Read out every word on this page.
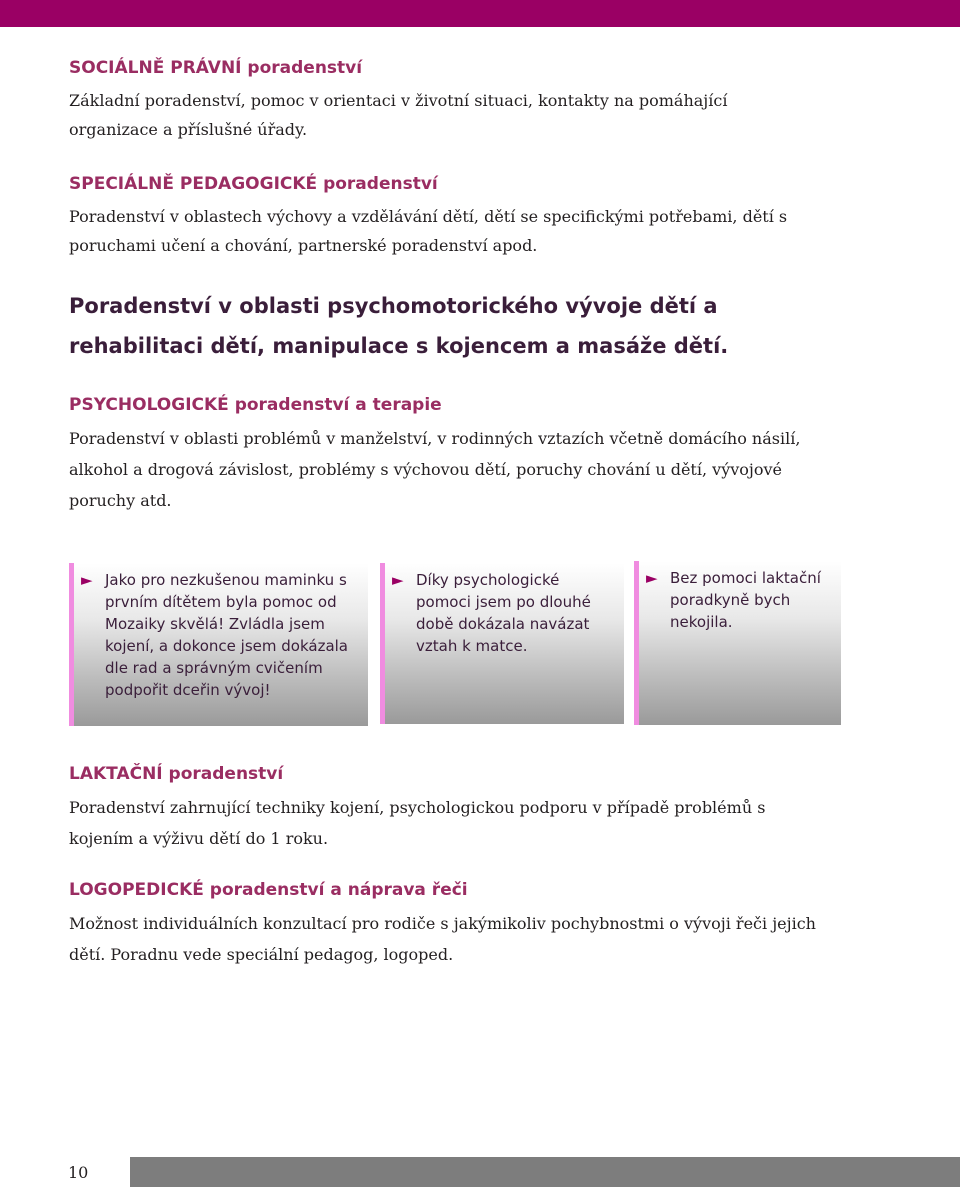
SOCIÁLNĚ PRÁVNÍ poradenství

Základní poradenství, pomoc v orientaci v životní situaci, kontakty na pomáhající organizace a příslušné úřady.

SPECIÁLNĚ PEDAGOGICKÉ poradenství

Poradenství v oblastech výchovy a vzdělávání dětí, dětí se specifickými potřebami, dětí s poruchami učení a chování, partnerské poradenství apod.

Poradenství v oblasti psychomotorického vývoje dětí a rehabilitaci dětí, manipulace s kojencem a masáže dětí.
PSYCHOLOGICKÉ poradenství a terapie

Poradenství v oblasti problémů v manželství, v rodinných vztazích včetně domácího násilí, alkohol a drogová závislost, problémy s výchovou dětí, poruchy chování u dětí, vývojové poruchy atd.

► Jako pro nezkušenou maminku s prvním dítětem byla pomoc od Mozaiky skvělá! Zvládla jsem kojení, a dokonce jsem dokázala dle rad a správným cvičením podpořit dceřin vývoj!

► Díky psychologické pomoci jsem po dlouhé době dokázala navázat vztah k matce.

► Bez pomoci laktační poradkyně bych nekojila.

LAKTAČNÍ poradenství

Poradenství zahrnující techniky kojení, psychologickou podporu v případě problémů s kojením a výživu dětí do 1 roku.

LOGOPEDICKÉ poradenství a náprava řeči

Možnost individuálních konzultací pro rodiče s jakýmikoliv pochybnostmi o vývoji řeči jejich dětí. Poradnu vede speciální pedagog, logoped.

10
